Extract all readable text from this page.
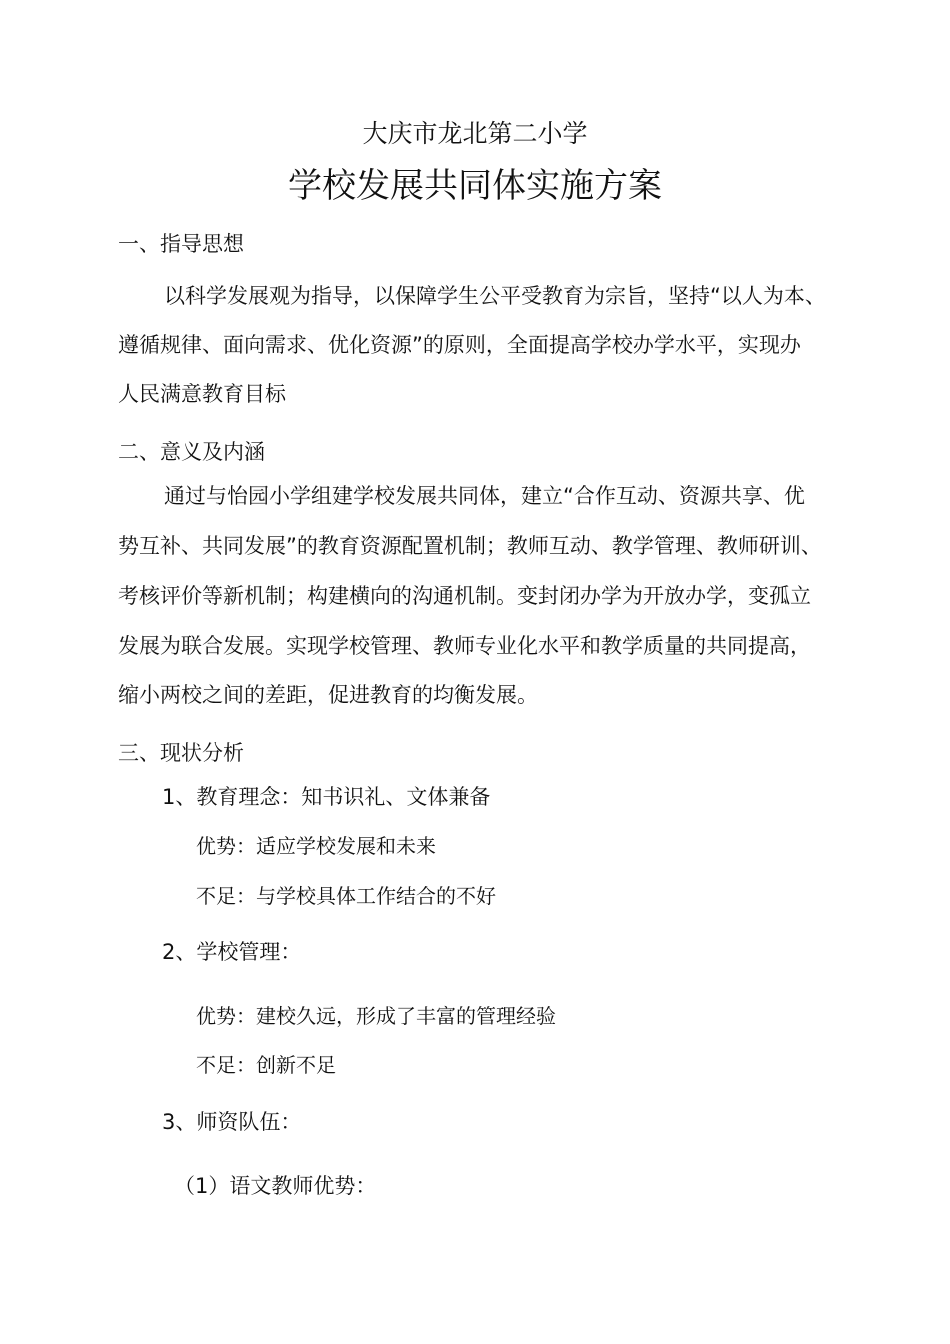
大庆市龙北第二小学
学校发展共同体实施方案
一、指导思想
以科学发展观为指导，以保障学生公平受教育为宗旨，坚持“以人为本、
遵循规律、面向需求、优化资源”的原则，全面提高学校办学水平，实现办
人民满意教育目标
二、意义及内涵
通过与怡园小学组建学校发展共同体，建立“合作互动、资源共享、优
势互补、共同发展”的教育资源配置机制；教师互动、教学管理、教师研训、
考核评价等新机制；构建横向的沟通机制。变封闭办学为开放办学，变孤立
发展为联合发展。实现学校管理、教师专业化水平和教学质量的共同提高，
缩小两校之间的差距，促进教育的均衡发展。
三、现状分析
1、教育理念：知书识礼、文体兼备
优势：适应学校发展和未来
不足：与学校具体工作结合的不好
2、学校管理：
优势：建校久远，形成了丰富的管理经验
不足：创新不足
3、师资队伍：
（1）语文教师优势：
